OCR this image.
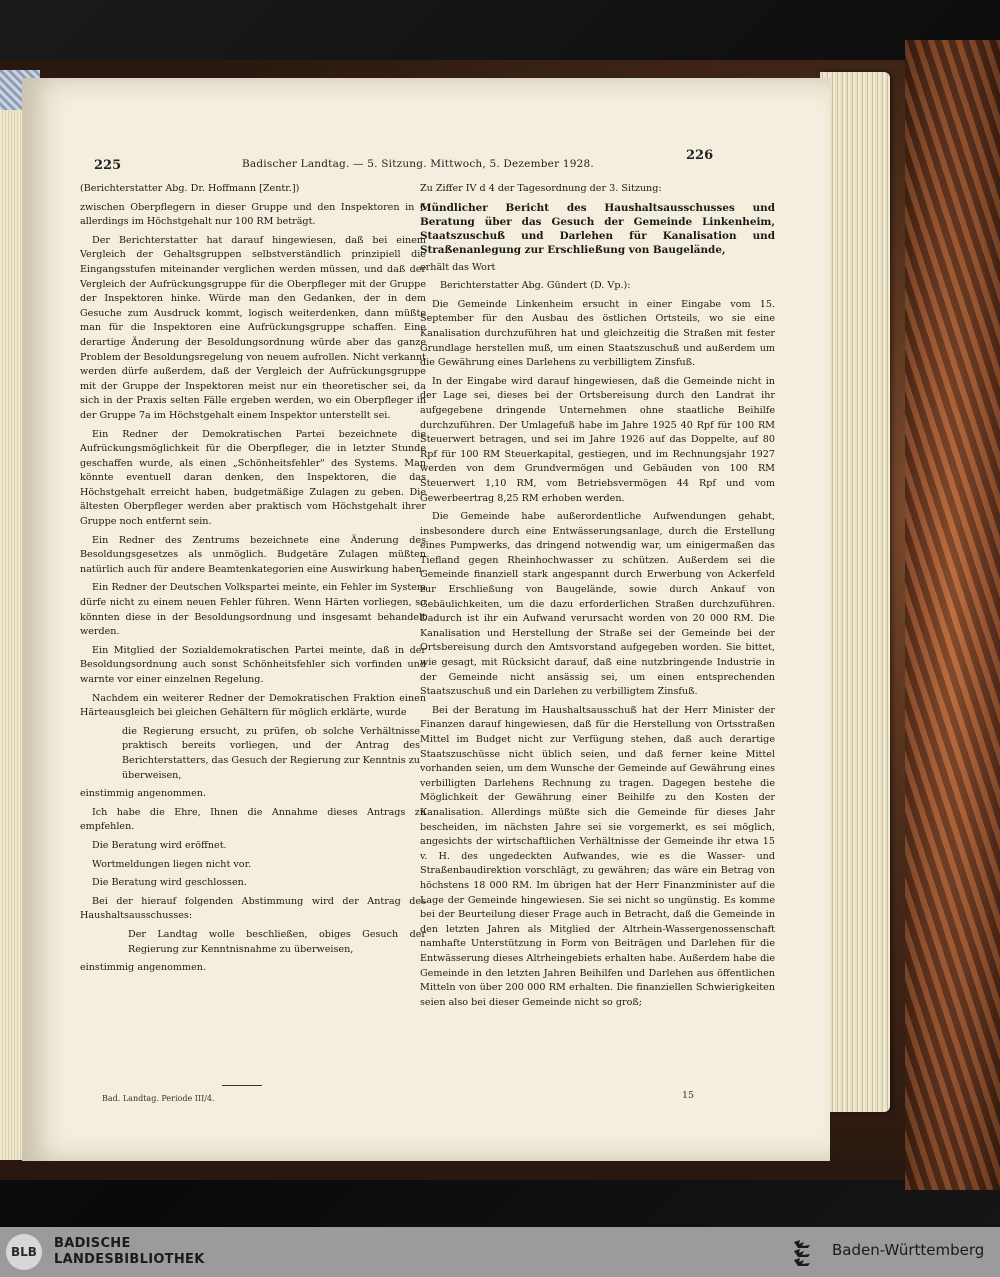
225	Badischer Landtag. — 5. Sitzung. Mittwoch, 5. Dezember 1928.
226

(Berichterstatter Abg. Dr. Hoffmann [Zentr.])

zwischen Oberpflegern in dieser Gruppe und den Inspektoren in 6 allerdings im Höchstgehalt nur 100 RM beträgt.

Der Berichterstatter hat darauf hingewiesen, daß bei einem Vergleich der Gehaltsgruppen selbstverständlich prinzipiell die Eingangsstufen miteinander verglichen werden müssen, und daß der Vergleich der Aufrückungsgruppe für die Oberpfleger mit der Gruppe der Inspektoren hinke. Würde man den Gedanken, der in dem Gesuche zum Ausdruck kommt, logisch weiterdenken, dann müßte man für die Inspektoren eine Aufrückungsgruppe schaffen. Eine derartige Änderung der Besoldungsordnung würde aber das ganze Problem der Besoldungsregelung von neuem aufrollen. Nicht verkannt werden dürfe außerdem, daß der Vergleich der Aufrückungsgruppe mit der Gruppe der Inspektoren meist nur ein theoretischer sei, da sich in der Praxis selten Fälle ergeben werden, wo ein Oberpfleger in der Gruppe 7a im Höchstgehalt einem Inspektor unterstellt sei.

Ein Redner der Demokratischen Partei bezeichnete die Aufrückungsmöglichkeit für die Oberpfleger, die in letzter Stunde geschaffen wurde, als einen „Schönheitsfehler" des Systems. Man könnte eventuell daran denken, den Inspektoren, die das Höchstgehalt erreicht haben, budgetmäßige Zulagen zu geben. Die ältesten Oberpfleger werden aber praktisch vom Höchstgehalt ihrer Gruppe noch entfernt sein.

Ein Redner des Zentrums bezeichnete eine Änderung des Besoldungsgesetzes als unmöglich. Budgetäre Zulagen müßten natürlich auch für andere Beamtenkategorien eine Auswirkung haben.

Ein Redner der Deutschen Volkspartei meinte, ein Fehler im System dürfe nicht zu einem neuen Fehler führen. Wenn Härten vorliegen, so könnten diese in der Besoldungsordnung und insgesamt behandelt werden.

Ein Mitglied der Sozialdemokratischen Partei meinte, daß in der Besoldungsordnung auch sonst Schönheitsfehler sich vorfinden und warnte vor einer einzelnen Regelung.

Nachdem ein weiterer Redner der Demokratischen Fraktion einen Härteausgleich bei gleichen Gehältern für möglich erklärte, wurde

die Regierung ersucht, zu prüfen, ob solche Verhältnisse praktisch bereits vorliegen, und der Antrag des Berichterstatters, das Gesuch der Regierung zur Kenntnis zu überweisen,

einstimmig angenommen.

Ich habe die Ehre, Ihnen die Annahme dieses Antrags zu empfehlen.

Die Beratung wird eröffnet.

Wortmeldungen liegen nicht vor.

Die Beratung wird geschlossen.

Bei der hierauf folgenden Abstimmung wird der Antrag des Haushaltsausschusses:

Der Landtag wolle beschließen, obiges Gesuch der Regierung zur Kenntnisnahme zu überweisen,

einstimmig angenommen.

Zu Ziffer IV d 4 der Tagesordnung der 3. Sitzung:

Mündlicher Bericht des Haushaltsausschusses und Beratung über das Gesuch der Gemeinde Linkenheim, Staatszuschuß und Darlehen für Kanalisation und Straßenanlegung zur Erschließung von Baugelände,

erhält das Wort

Berichterstatter Abg. Gündert (D. Vp.):

Die Gemeinde Linkenheim ersucht in einer Eingabe vom 15. September für den Ausbau des östlichen Ortsteils, wo sie eine Kanalisation durchzuführen hat und gleichzeitig die Straßen mit fester Grundlage herstellen muß, um einen Staatszuschuß und außerdem um die Gewährung eines Darlehens zu verbilligtem Zinsfuß.

In der Eingabe wird darauf hingewiesen, daß die Gemeinde nicht in der Lage sei, dieses bei der Ortsbereisung durch den Landrat ihr aufgegebene dringende Unternehmen ohne staatliche Beihilfe durchzuführen. Der Umlagefuß habe im Jahre 1925 40 Rpf für 100 RM Steuerwert betragen, und sei im Jahre 1926 auf das Doppelte, auf 80 Rpf für 100 RM Steuerkapital, gestiegen, und im Rechnungsjahr 1927 werden von dem Grundvermögen und Gebäuden von 100 RM Steuerwert 1,10 RM, vom Betriebsvermögen 44 Rpf und vom Gewerbeertrag 8,25 RM erhoben werden.

Die Gemeinde habe außerordentliche Aufwendungen gehabt, insbesondere durch eine Entwässerungsanlage, durch die Erstellung eines Pumpwerks, das dringend notwendig war, um einigermaßen das Tiefland gegen Rheinhochwasser zu schützen. Außerdem sei die Gemeinde finanziell stark angespannt durch Erwerbung von Ackerfeld zur Erschließung von Baugelände, sowie durch Ankauf von Gebäulichkeiten, um die dazu erforderlichen Straßen durchzuführen. Dadurch ist ihr ein Aufwand verursacht worden von 20 000 RM. Die Kanalisation und Herstellung der Straße sei der Gemeinde bei der Ortsbereisung durch den Amtsvorstand aufgegeben worden. Sie bittet, wie gesagt, mit Rücksicht darauf, daß eine nutzbringende Industrie in der Gemeinde nicht ansässig sei, um einen entsprechenden Staatszuschuß und ein Darlehen zu verbilligtem Zinsfuß.

Bei der Beratung im Haushaltsausschuß hat der Herr Minister der Finanzen darauf hingewiesen, daß für die Herstellung von Ortsstraßen Mittel im Budget nicht zur Verfügung stehen, daß auch derartige Staatszuschüsse nicht üblich seien, und daß ferner keine Mittel vorhanden seien, um dem Wunsche der Gemeinde auf Gewährung eines verbilligten Darlehens Rechnung zu tragen. Dagegen bestehe die Möglichkeit der Gewährung einer Beihilfe zu den Kosten der Kanalisation. Allerdings müßte sich die Gemeinde für dieses Jahr bescheiden, im nächsten Jahre sei sie vorgemerkt, es sei möglich, angesichts der wirtschaftlichen Verhältnisse der Gemeinde ihr etwa 15 v. H. des ungedeckten Aufwandes, wie es die Wasser- und Straßenbaudirektion vorschlägt, zu gewähren; das wäre ein Betrag von höchstens 18 000 RM. Im übrigen hat der Herr Finanzminister auf die Lage der Gemeinde hingewiesen. Sie sei nicht so ungünstig. Es komme bei der Beurteilung dieser Frage auch in Betracht, daß die Gemeinde in den letzten Jahren als Mitglied der Altrhein-Wassergenossenschaft namhafte Unterstützung in Form von Beiträgen und Darlehen für die Entwässerung dieses Altrheingebiets erhalten habe. Außerdem habe die Gemeinde in den letzten Jahren Beihilfen und Darlehen aus öffentlichen Mitteln von über 200 000 RM erhalten. Die finanziellen Schwierigkeiten seien also bei dieser Gemeinde nicht so groß;

Bad. Landtag. Periode III/4.	15
BLB
BADISCHE
LANDESBIBLIOTHEK
Baden-Württemberg
